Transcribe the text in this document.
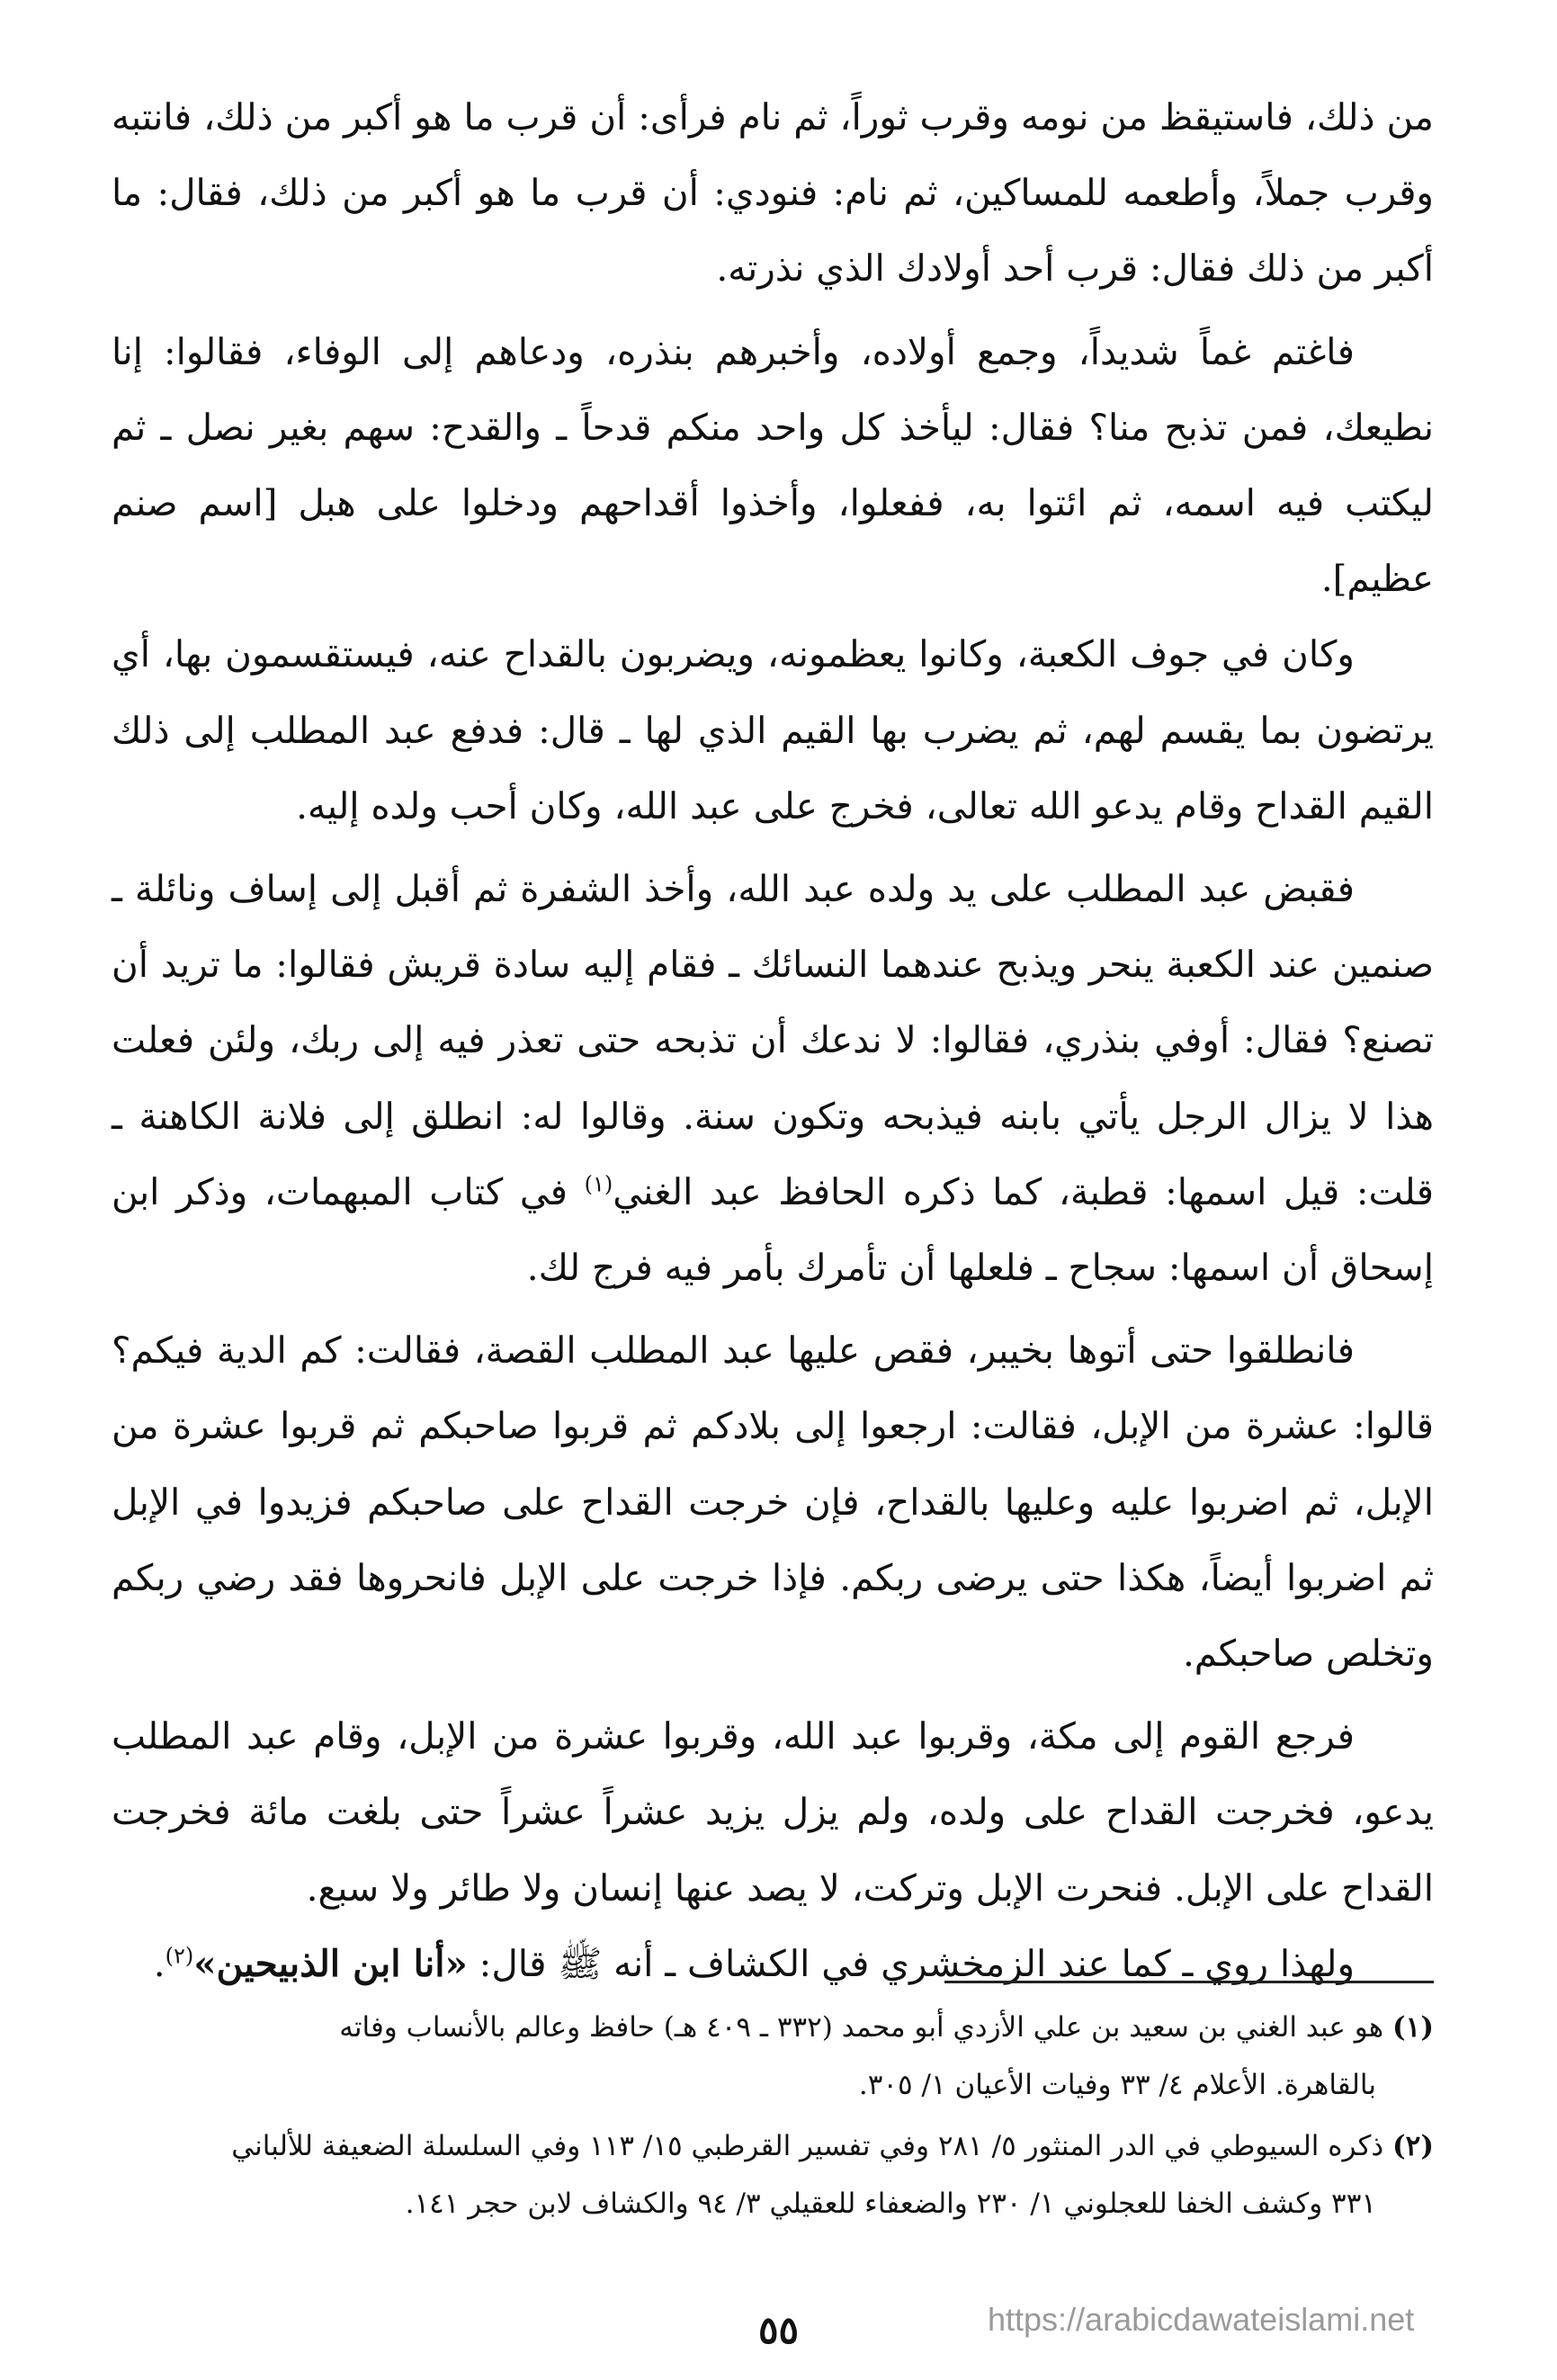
من ذلك، فاستيقظ من نومه وقرب ثوراً، ثم نام فرأى: أن قرب ما هو أكبر من ذلك، فانتبه وقرب جملاً، وأطعمه للمساكين، ثم نام: فنودي: أن قرب ما هو أكبر من ذلك، فقال: ما أكبر من ذلك فقال: قرب أحد أولادك الذي نذرته.

فاغتم غماً شديداً، وجمع أولاده، وأخبرهم بنذره، ودعاهم إلى الوفاء، فقالوا: إنا نطيعك، فمن تذبح منا؟ فقال: ليأخذ كل واحد منكم قدحاً ـ والقدح: سهم بغير نصل ـ ثم ليكتب فيه اسمه، ثم ائتوا به، ففعلوا، وأخذوا أقداحهم ودخلوا على هبل [اسم صنم عظيم].

وكان في جوف الكعبة، وكانوا يعظمونه، ويضربون بالقداح عنه، فيستقسمون بها، أي يرتضون بما يقسم لهم، ثم يضرب بها القيم الذي لها ـ قال: فدفع عبد المطلب إلى ذلك القيم القداح وقام يدعو الله تعالى، فخرج على عبد الله، وكان أحب ولده إليه.

فقبض عبد المطلب على يد ولده عبد الله، وأخذ الشفرة ثم أقبل إلى إساف ونائلة ـ صنمين عند الكعبة ينحر ويذبح عندهما النسائك ـ فقام إليه سادة قريش فقالوا: ما تريد أن تصنع؟ فقال: أوفي بنذري، فقالوا: لا ندعك أن تذبحه حتى تعذر فيه إلى ربك، ولئن فعلت هذا لا يزال الرجل يأتي بابنه فيذبحه وتكون سنة. وقالوا له: انطلق إلى فلانة الكاهنة ـ قلت: قيل اسمها: قطبة، كما ذكره الحافظ عبد الغني$^{(١)}$ في كتاب المبهمات، وذكر ابن إسحاق أن اسمها: سجاح ـ فلعلها أن تأمرك بأمر فيه فرج لك.

فانطلقوا حتى أتوها بخيبر، فقص عليها عبد المطلب القصة، فقالت: كم الدية فيكم؟ قالوا: عشرة من الإبل، فقالت: ارجعوا إلى بلادكم ثم قربوا صاحبكم ثم قربوا عشرة من الإبل، ثم اضربوا عليه وعليها بالقداح، فإن خرجت القداح على صاحبكم فزيدوا في الإبل ثم اضربوا أيضاً، هكذا حتى يرضى ربكم. فإذا خرجت على الإبل فانحروها فقد رضي ربكم وتخلص صاحبكم.

فرجع القوم إلى مكة، وقربوا عبد الله، وقربوا عشرة من الإبل، وقام عبد المطلب يدعو، فخرجت القداح على ولده، ولم يزل يزيد عشراً عشراً حتى بلغت مائة فخرجت القداح على الإبل. فنحرت الإبل وتركت، لا يصد عنها إنسان ولا طائر ولا سبع.

ولهذا روي ـ كما عند الزمخشري في الكشاف ـ أنه ﷺ قال: «أنا ابن الذبيحين»$^{(٢)}$.

(١) هو عبد الغني بن سعيد بن علي الأزدي أبو محمد (٣٣٢ ـ ٤٠٩ هـ) حافظ وعالم بالأنساب وفاته
بالقاهرة. الأعلام ٤/ ٣٣ وفيات الأعيان ١/ ٣٠٥.

(٢) ذكره السيوطي في الدر المنثور ٥/ ٢٨١ وفي تفسير القرطبي ١٥/ ١١٣ وفي السلسلة الضعيفة للألباني
٣٣١ وكشف الخفا للعجلوني ١/ ٢٣٠ والضعفاء للعقيلي ٣/ ٩٤ والكشاف لابن حجر ١٤١.

٥٥	https://arabicdawateislami.net
